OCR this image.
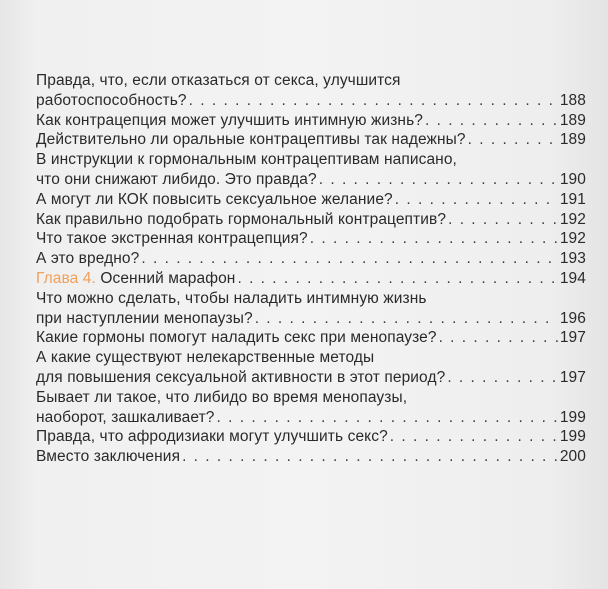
Правда, что, если отказаться от секса, улучшится
работоспособность? . . .	188
Как контрацепция может улучшить интимную жизнь? . . .	189
Действительно ли оральные контрацептивы так надежны? . . .	189
В инструкции к гормональным контрацептивам написано,
что они снижают либидо. Это правда? . . .	190
А могут ли КОК повысить сексуальное желание? . . .	191
Как правильно подобрать гормональный контрацептив? . . .	192
Что такое экстренная контрацепция? . . .	192
А это вредно? . . .	193
Глава 4.
Осенний марафон . . .	194
Что можно сделать, чтобы наладить интимную жизнь
при наступлении менопаузы? . . .	196
Какие гормоны помогут наладить секс при менопаузе? . . .	197
А какие существуют нелекарственные методы
для повышения сексуальной активности в этот период? . . .	197
Бывает ли такое, что либидо во время менопаузы,
наоборот, зашкаливает? . . .	199
Правда, что афродизиаки могут улучшить секс? . . .	199
Вместо заключения . . .	200
